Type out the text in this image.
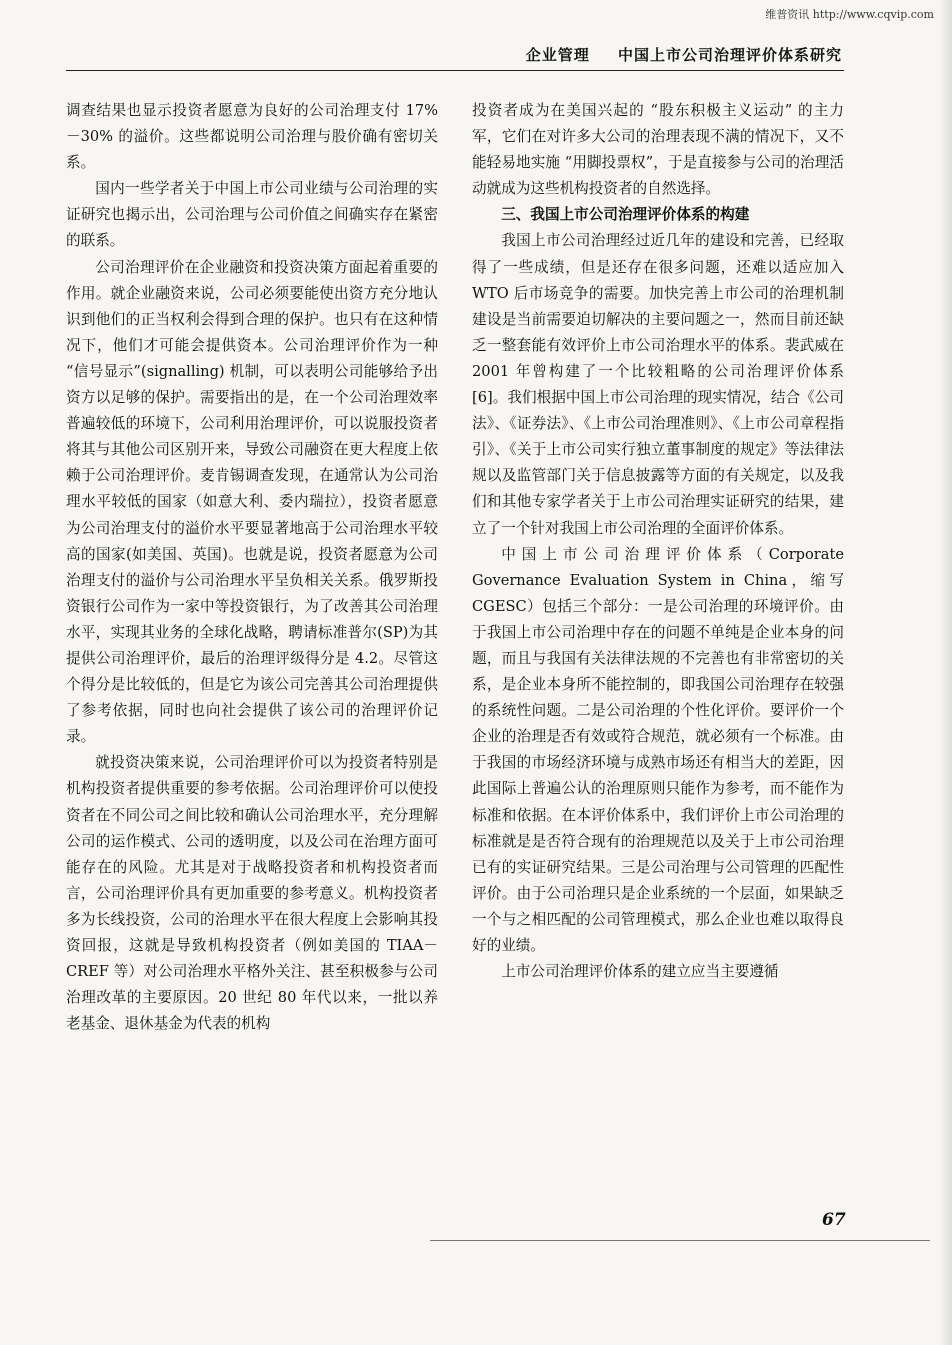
维普资讯 http://www.cqvip.com
企业管理 中国上市公司治理评价体系研究

调查结果也显示投资者愿意为良好的公司治理支付 17% －30% 的溢价。这些都说明公司治理与股价确有密切关系。

国内一些学者关于中国上市公司业绩与公司治理的实证研究也揭示出，公司治理与公司价值之间确实存在紧密的联系。

公司治理评价在企业融资和投资决策方面起着重要的作用。就企业融资来说，公司必须要能使出资方充分地认识到他们的正当权利会得到合理的保护。也只有在这种情况下，他们才可能会提供资本。公司治理评价作为一种 “信号显示”(signalling) 机制，可以表明公司能够给予出资方以足够的保护。需要指出的是，在一个公司治理效率普遍较低的环境下，公司利用治理评价，可以说服投资者将其与其他公司区别开来，导致公司融资在更大程度上依赖于公司治理评价。麦肯锡调查发现，在通常认为公司治理水平较低的国家（如意大利、委内瑞拉），投资者愿意为公司治理支付的溢价水平要显著地高于公司治理水平较高的国家(如美国、英国)。也就是说，投资者愿意为公司治理支付的溢价与公司治理水平呈负相关关系。俄罗斯投资银行公司作为一家中等投资银行，为了改善其公司治理水平，实现其业务的全球化战略，聘请标准普尔(SP)为其提供公司治理评价，最后的治理评级得分是 4.2。尽管这个得分是比较低的，但是它为该公司完善其公司治理提供了参考依据，同时也向社会提供了该公司的治理评价记录。

就投资决策来说，公司治理评价可以为投资者特别是机构投资者提供重要的参考依据。公司治理评价可以使投资者在不同公司之间比较和确认公司治理水平，充分理解公司的运作模式、公司的透明度，以及公司在治理方面可能存在的风险。尤其是对于战略投资者和机构投资者而言，公司治理评价具有更加重要的参考意义。机构投资者多为长线投资，公司的治理水平在很大程度上会影响其投资回报，这就是导致机构投资者（例如美国的 TIAA－CREF 等）对公司治理水平格外关注、甚至积极参与公司治理改革的主要原因。20 世纪 80 年代以来，一批以养老基金、退休基金为代表的机构

投资者成为在美国兴起的 “股东积极主义运动” 的主力军，它们在对许多大公司的治理表现不满的情况下，又不能轻易地实施 “用脚投票权”，于是直接参与公司的治理活动就成为这些机构投资者的自然选择。

三、我国上市公司治理评价体系的构建

我国上市公司治理经过近几年的建设和完善，已经取得了一些成绩，但是还存在很多问题，还难以适应加入 WTO 后市场竞争的需要。加快完善上市公司的治理机制建设是当前需要迫切解决的主要问题之一，然而目前还缺乏一整套能有效评价上市公司治理水平的体系。裴武威在 2001 年曾构建了一个比较粗略的公司治理评价体系 [6]。我们根据中国上市公司治理的现实情况，结合《公司法》、《证券法》、《上市公司治理准则》、《上市公司章程指引》、《关于上市公司实行独立董事制度的规定》等法律法规以及监管部门关于信息披露等方面的有关规定，以及我们和其他专家学者关于上市公司治理实证研究的结果，建立了一个针对我国上市公司治理的全面评价体系。

中国上市公司治理评价体系（Corporate Governance Evaluation System in China，缩写 CGESC）包括三个部分：一是公司治理的环境评价。由于我国上市公司治理中存在的问题不单纯是企业本身的问题，而且与我国有关法律法规的不完善也有非常密切的关系，是企业本身所不能控制的，即我国公司治理存在较强的系统性问题。二是公司治理的个性化评价。要评价一个企业的治理是否有效或符合规范，就必须有一个标准。由于我国的市场经济环境与成熟市场还有相当大的差距，因此国际上普遍公认的治理原则只能作为参考，而不能作为标准和依据。在本评价体系中，我们评价上市公司治理的标准就是是否符合现有的治理规范以及关于上市公司治理已有的实证研究结果。三是公司治理与公司管理的匹配性评价。由于公司治理只是企业系统的一个层面，如果缺乏一个与之相匹配的公司管理模式，那么企业也难以取得良好的业绩。

上市公司治理评价体系的建立应当主要遵循

67
